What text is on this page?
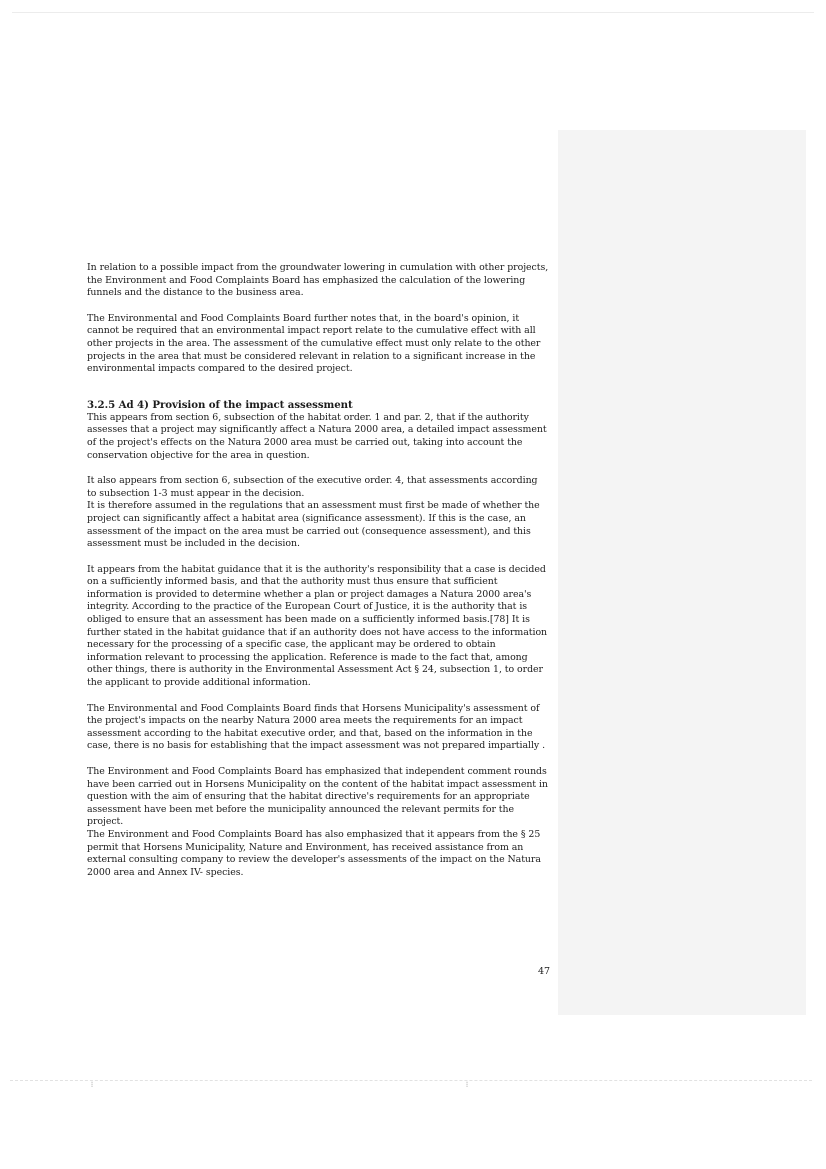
In relation to a possible impact from the groundwater lowering in cumulation with other projects, the Environment and Food Complaints Board has emphasized the calculation of the lowering funnels and the distance to the business area.

The Environmental and Food Complaints Board further notes that, in the board's opinion, it cannot be required that an environmental impact report relate to the cumulative effect with all other projects in the area. The assessment of the cumulative effect must only relate to the other projects in the area that must be considered relevant in relation to a significant increase in the environmental impacts compared to the desired project.

3.2.5 Ad 4) Provision of the impact assessment

This appears from section 6, subsection of the habitat order. 1 and par. 2, that if the authority assesses that a project may significantly affect a Natura 2000 area, a detailed impact assessment of the project's effects on the Natura 2000 area must be carried out, taking into account the conservation objective for the area in question.

It also appears from section 6, subsection of the executive order. 4, that assessments according to subsection 1-3 must appear in the decision.

It is therefore assumed in the regulations that an assessment must first be made of whether the project can significantly affect a habitat area (significance assessment). If this is the case, an assessment of the impact on the area must be carried out (consequence assessment), and this assessment must be included in the decision.

It appears from the habitat guidance that it is the authority's responsibility that a case is decided on a sufficiently informed basis, and that the authority must thus ensure that sufficient information is provided to determine whether a plan or project damages a Natura 2000 area's integrity. According to the practice of the European Court of Justice, it is the authority that is obliged to ensure that an assessment has been made on a sufficiently informed basis.[78] It is further stated in the habitat guidance that if an authority does not have access to the information necessary for the processing of a specific case, the applicant may be ordered to obtain information relevant to processing the application. Reference is made to the fact that, among other things, there is authority in the Environmental Assessment Act § 24, subsection 1, to order the applicant to provide additional information.

The Environmental and Food Complaints Board finds that Horsens Municipality's assessment of the project's impacts on the nearby Natura 2000 area meets the requirements for an impact assessment according to the habitat executive order, and that, based on the information in the case, there is no basis for establishing that the impact assessment was not prepared impartially .

The Environment and Food Complaints Board has emphasized that independent comment rounds have been carried out in Horsens Municipality on the content of the habitat impact assessment in question with the aim of ensuring that the habitat directive's requirements for an appropriate assessment have been met before the municipality announced the relevant permits for the project.

The Environment and Food Complaints Board has also emphasized that it appears from the § 25 permit that Horsens Municipality, Nature and Environment, has received assistance from an external consulting company to review the developer's assessments of the impact on the Natura 2000 area and Annex IV- species.

47
⁝	⁝
